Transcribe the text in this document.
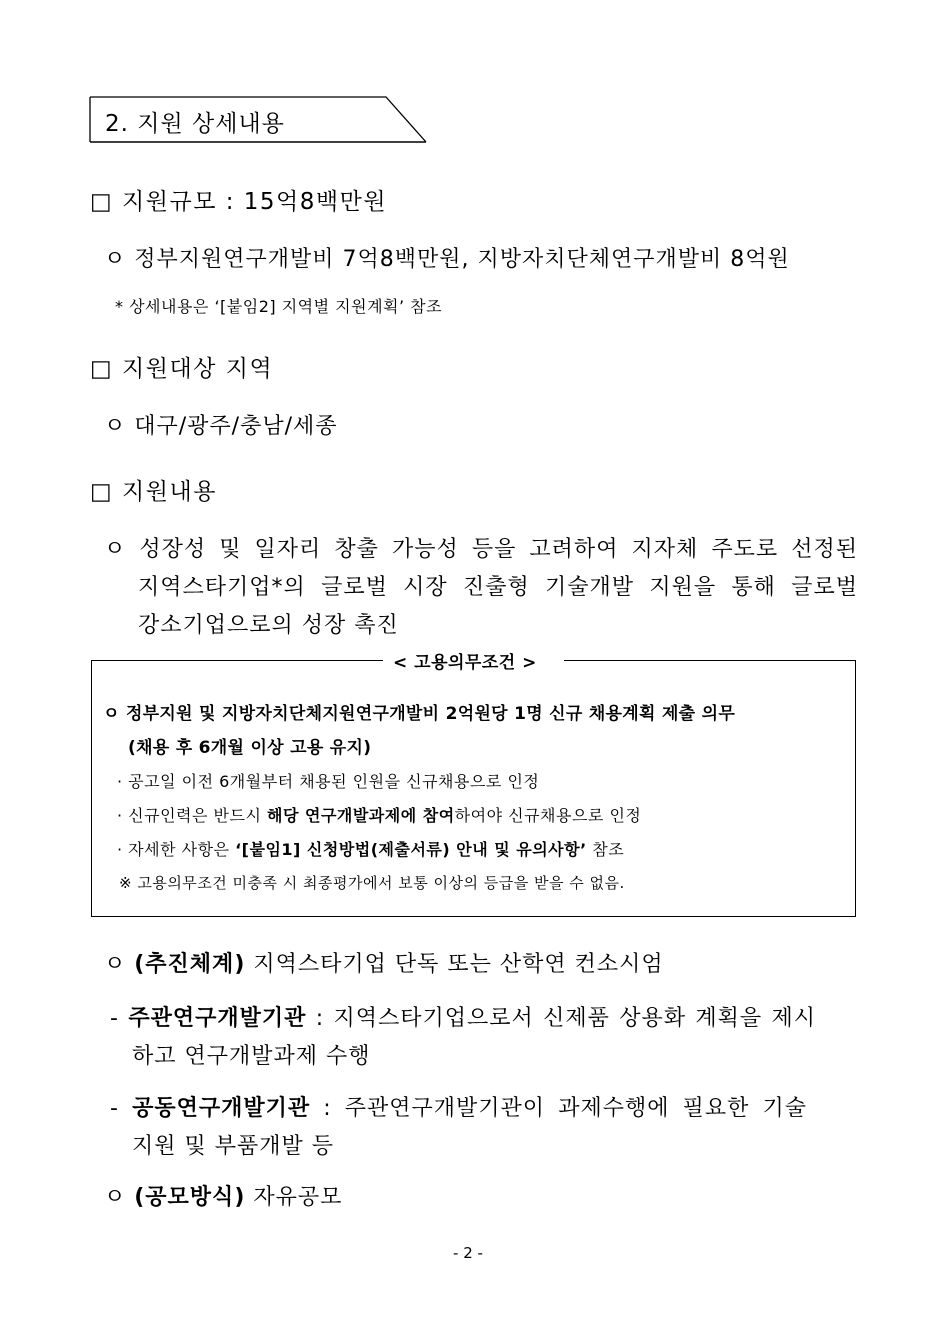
2. 지원 상세내용
□ 지원규모 : 15억8백만원
ㅇ 정부지원연구개발비 7억8백만원, 지방자치단체연구개발비 8억원
* 상세내용은 ‘[붙임2] 지역별 지원계획’ 참조
□ 지원대상 지역
ㅇ 대구/광주/충남/세종
□ 지원내용
ㅇ 성장성 및 일자리 창출 가능성 등을 고려하여 지자체 주도로 선정된
지역스타기업*의 글로벌 시장 진출형 기술개발 지원을 통해 글로벌
강소기업으로의 성장 촉진
< 고용의무조건 >
ㅇ 정부지원 및 지방자치단체지원연구개발비 2억원당 1명 신규 채용계획 제출 의무
(채용 후 6개월 이상 고용 유지)
· 공고일 이전 6개월부터 채용된 인원을 신규채용으로 인정
· 신규인력은 반드시 해당 연구개발과제에 참여하여야 신규채용으로 인정
· 자세한 사항은 ‘[붙임1] 신청방법(제출서류) 안내 및 유의사항’ 참조
※ 고용의무조건 미충족 시 최종평가에서 보통 이상의 등급을 받을 수 없음.
ㅇ (추진체계) 지역스타기업 단독 또는 산학연 컨소시엄
- 주관연구개발기관 : 지역스타기업으로서 신제품 상용화 계획을 제시
하고 연구개발과제 수행
- 공동연구개발기관 : 주관연구개발기관이 과제수행에 필요한 기술
지원 및 부품개발 등
ㅇ (공모방식) 자유공모
- 2 -
